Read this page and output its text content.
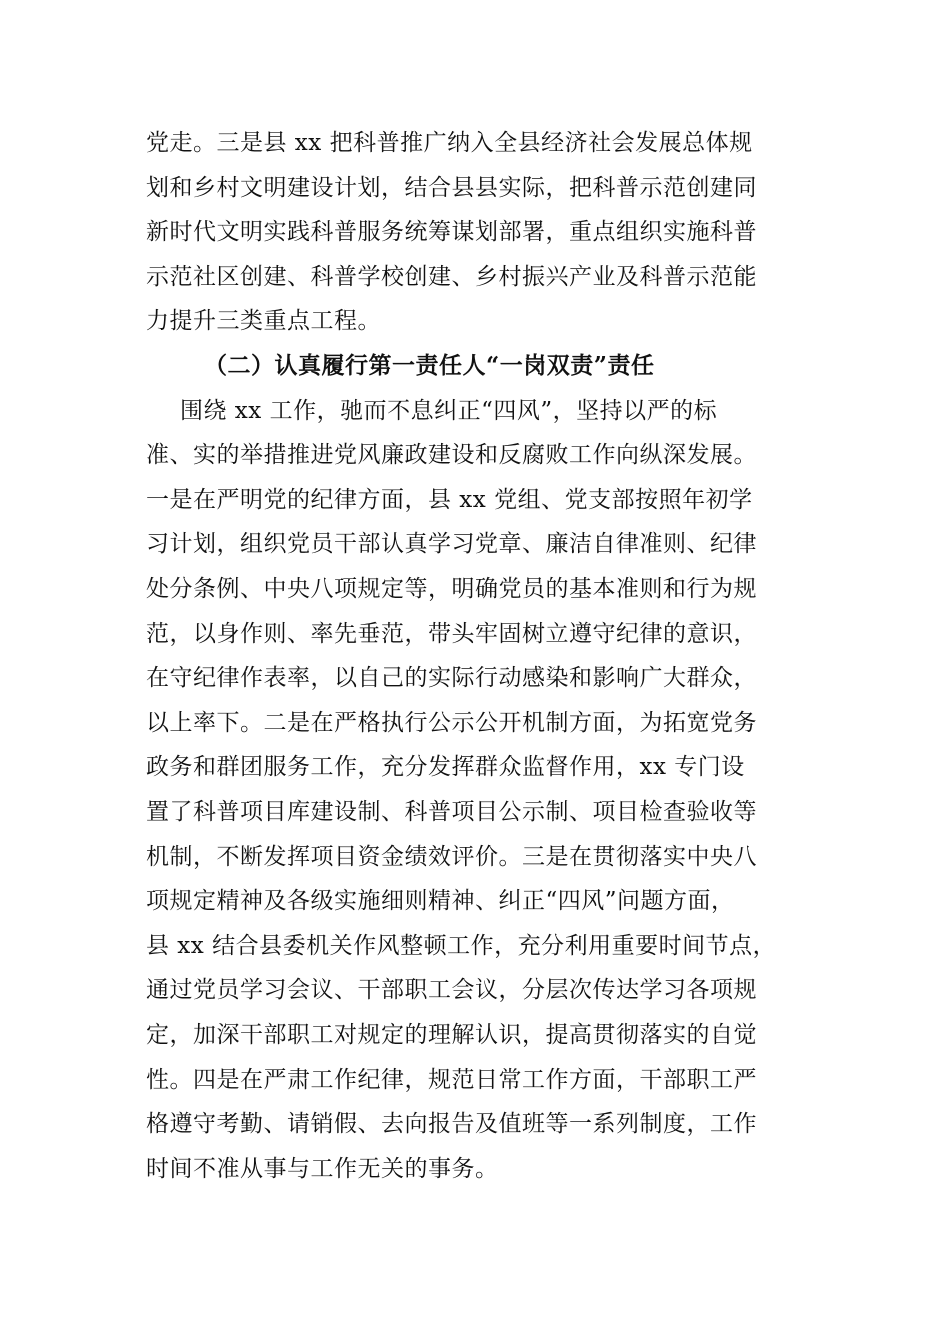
党走。三是县 xx 把科普推广纳入全县经济社会发展总体规
划和乡村文明建设计划，结合县县实际，把科普示范创建同
新时代文明实践科普服务统筹谋划部署，重点组织实施科普
示范社区创建、科普学校创建、乡村振兴产业及科普示范能
力提升三类重点工程。
（二）认真履行第一责任人“一岗双责”责任
围绕 xx 工作，驰而不息纠正“四风”，坚持以严的标
准、实的举措推进党风廉政建设和反腐败工作向纵深发展。
一是在严明党的纪律方面，县 xx 党组、党支部按照年初学
习计划，组织党员干部认真学习党章、廉洁自律准则、纪律
处分条例、中央八项规定等，明确党员的基本准则和行为规
范，以身作则、率先垂范，带头牢固树立遵守纪律的意识，
在守纪律作表率，以自己的实际行动感染和影响广大群众，
以上率下。二是在严格执行公示公开机制方面，为拓宽党务
政务和群团服务工作，充分发挥群众监督作用，xx 专门设
置了科普项目库建设制、科普项目公示制、项目检查验收等
机制，不断发挥项目资金绩效评价。三是在贯彻落实中央八
项规定精神及各级实施细则精神、纠正“四风”问题方面，
县 xx 结合县委机关作风整顿工作，充分利用重要时间节点，
通过党员学习会议、干部职工会议，分层次传达学习各项规
定，加深干部职工对规定的理解认识，提高贯彻落实的自觉
性。四是在严肃工作纪律，规范日常工作方面，干部职工严
格遵守考勤、请销假、去向报告及值班等一系列制度，工作
时间不准从事与工作无关的事务。
